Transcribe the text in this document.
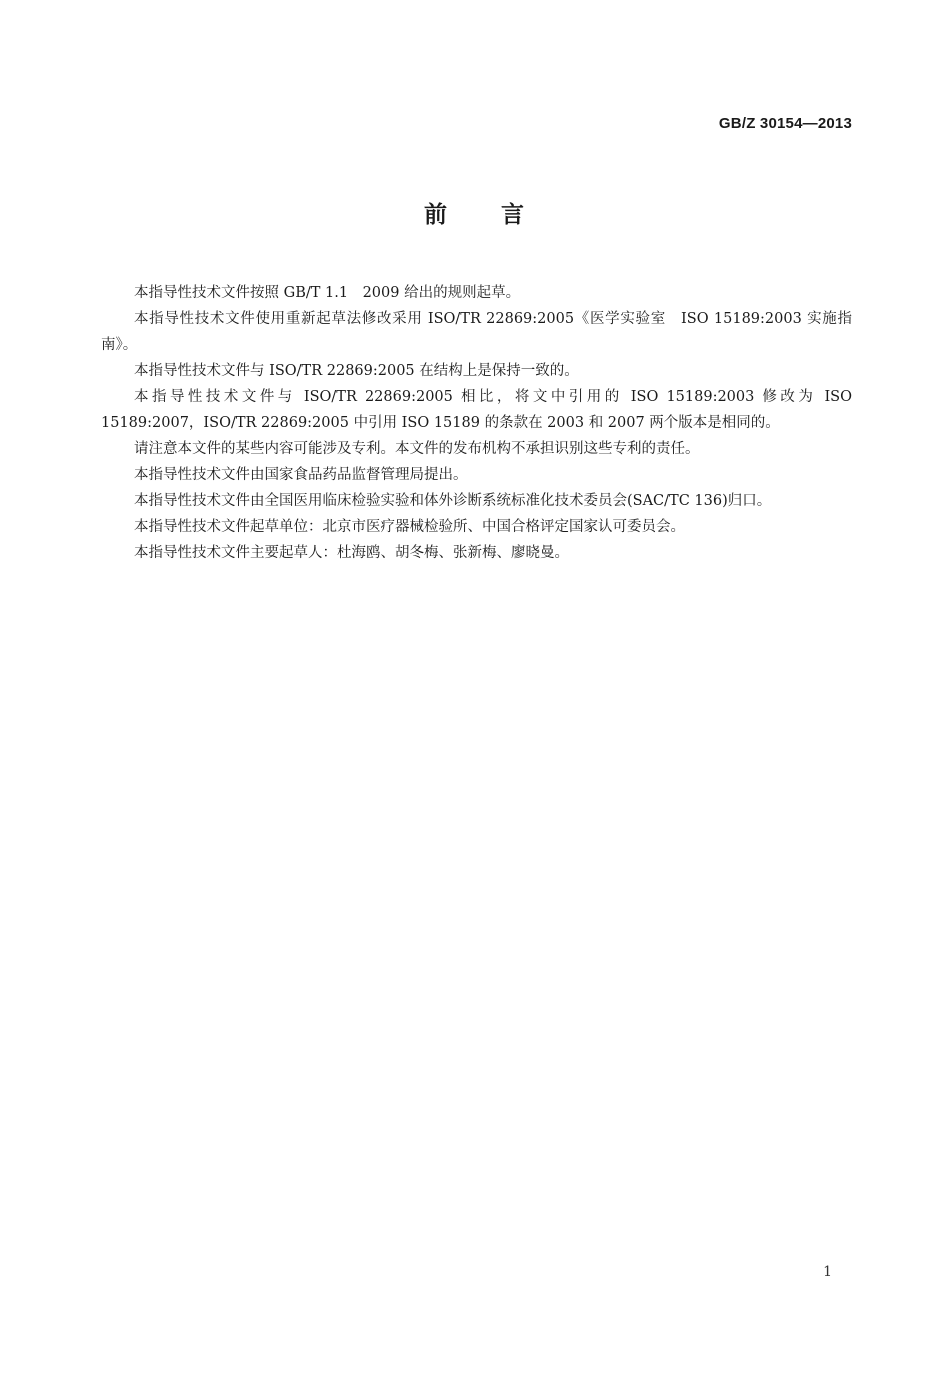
GB/Z 30154—2013
前 言

本指导性技术文件按照 GB/T 1.1　2009 给出的规则起草。

本指导性技术文件使用重新起草法修改采用 ISO/TR 22869:2005《医学实验室　ISO 15189:2003 实施指南》。

本指导性技术文件与 ISO/TR 22869:2005 在结构上是保持一致的。

本指导性技术文件与 ISO/TR 22869:2005 相比，将文中引用的 ISO 15189:2003 修改为 ISO 15189:2007，ISO/TR 22869:2005 中引用 ISO 15189 的条款在 2003 和 2007 两个版本是相同的。

请注意本文件的某些内容可能涉及专利。本文件的发布机构不承担识别这些专利的责任。

本指导性技术文件由国家食品药品监督管理局提出。

本指导性技术文件由全国医用临床检验实验和体外诊断系统标准化技术委员会(SAC/TC 136)归口。

本指导性技术文件起草单位：北京市医疗器械检验所、中国合格评定国家认可委员会。

本指导性技术文件主要起草人：杜海鸥、胡冬梅、张新梅、廖晓曼。

1
